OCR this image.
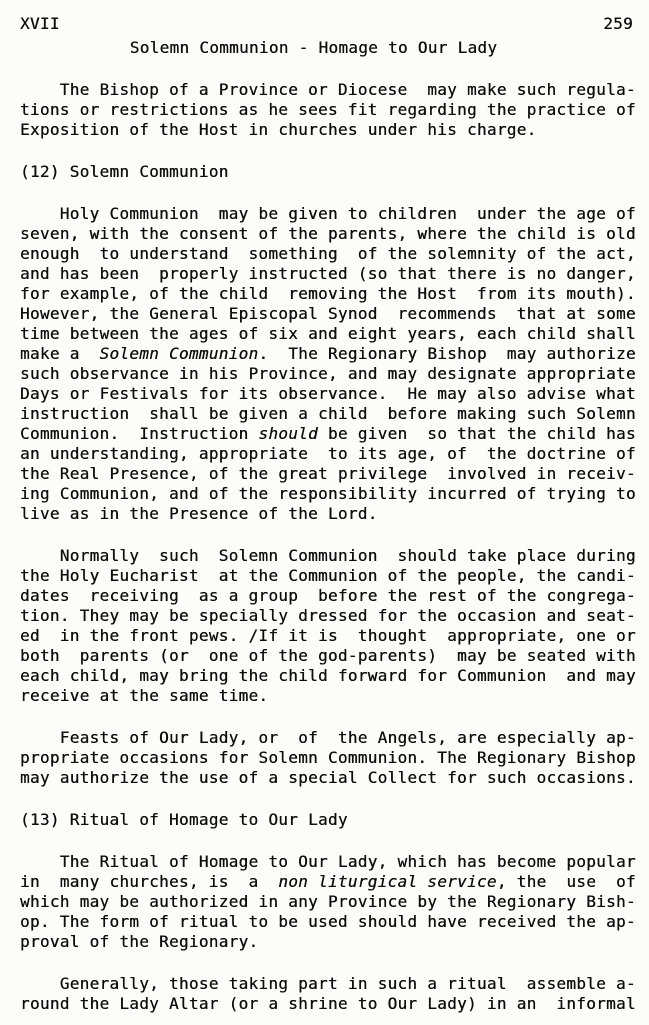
XVII	259
Solemn Communion - Homage to Our Lady
The Bishop of a Province or Diocese  may make such regula-
tions or restrictions as he sees fit regarding the practice of
Exposition of the Host in churches under his charge.
(12) Solemn Communion
Holy Communion  may be given to children  under the age of
seven, with the consent of the parents, where the child is old
enough  to understand  something  of the solemnity of the act,
and has been  properly instructed (so that there is no danger,
for example, of the child  removing the Host  from its mouth).
However, the General Episcopal Synod  recommends  that at some
time between the ages of six and eight years, each child shall
make a  Solemn Communion.  The Regionary Bishop  may authorize
such observance in his Province, and may designate appropriate
Days or Festivals for its observance.  He may also advise what
instruction  shall be given a child  before making such Solemn
Communion.  Instruction should be given  so that the child has
an understanding, appropriate  to its age, of  the doctrine of
the Real Presence, of the great privilege  involved in receiv-
ing Communion, and of the responsibility incurred of trying to
live as in the Presence of the Lord.
Normally  such  Solemn Communion  should take place during
the Holy Eucharist  at the Communion of the people, the candi-
dates  receiving  as a group  before the rest of the congrega-
tion. They may be specially dressed for the occasion and seat-
ed  in the front pews. /If it is  thought  appropriate, one or
both  parents (or  one of the god-parents)  may be seated with
each child, may bring the child forward for Communion  and may
receive at the same time.
Feasts of Our Lady, or  of  the Angels, are especially ap-
propriate occasions for Solemn Communion. The Regionary Bishop
may authorize the use of a special Collect for such occasions.
(13) Ritual of Homage to Our Lady
The Ritual of Homage to Our Lady, which has become popular
in  many churches, is  a  non liturgical service, the  use  of
which may be authorized in any Province by the Regionary Bish-
op. The form of ritual to be used should have received the ap-
proval of the Regionary.
Generally, those taking part in such a ritual  assemble a-
round the Lady Altar (or a shrine to Our Lady) in an  informal
